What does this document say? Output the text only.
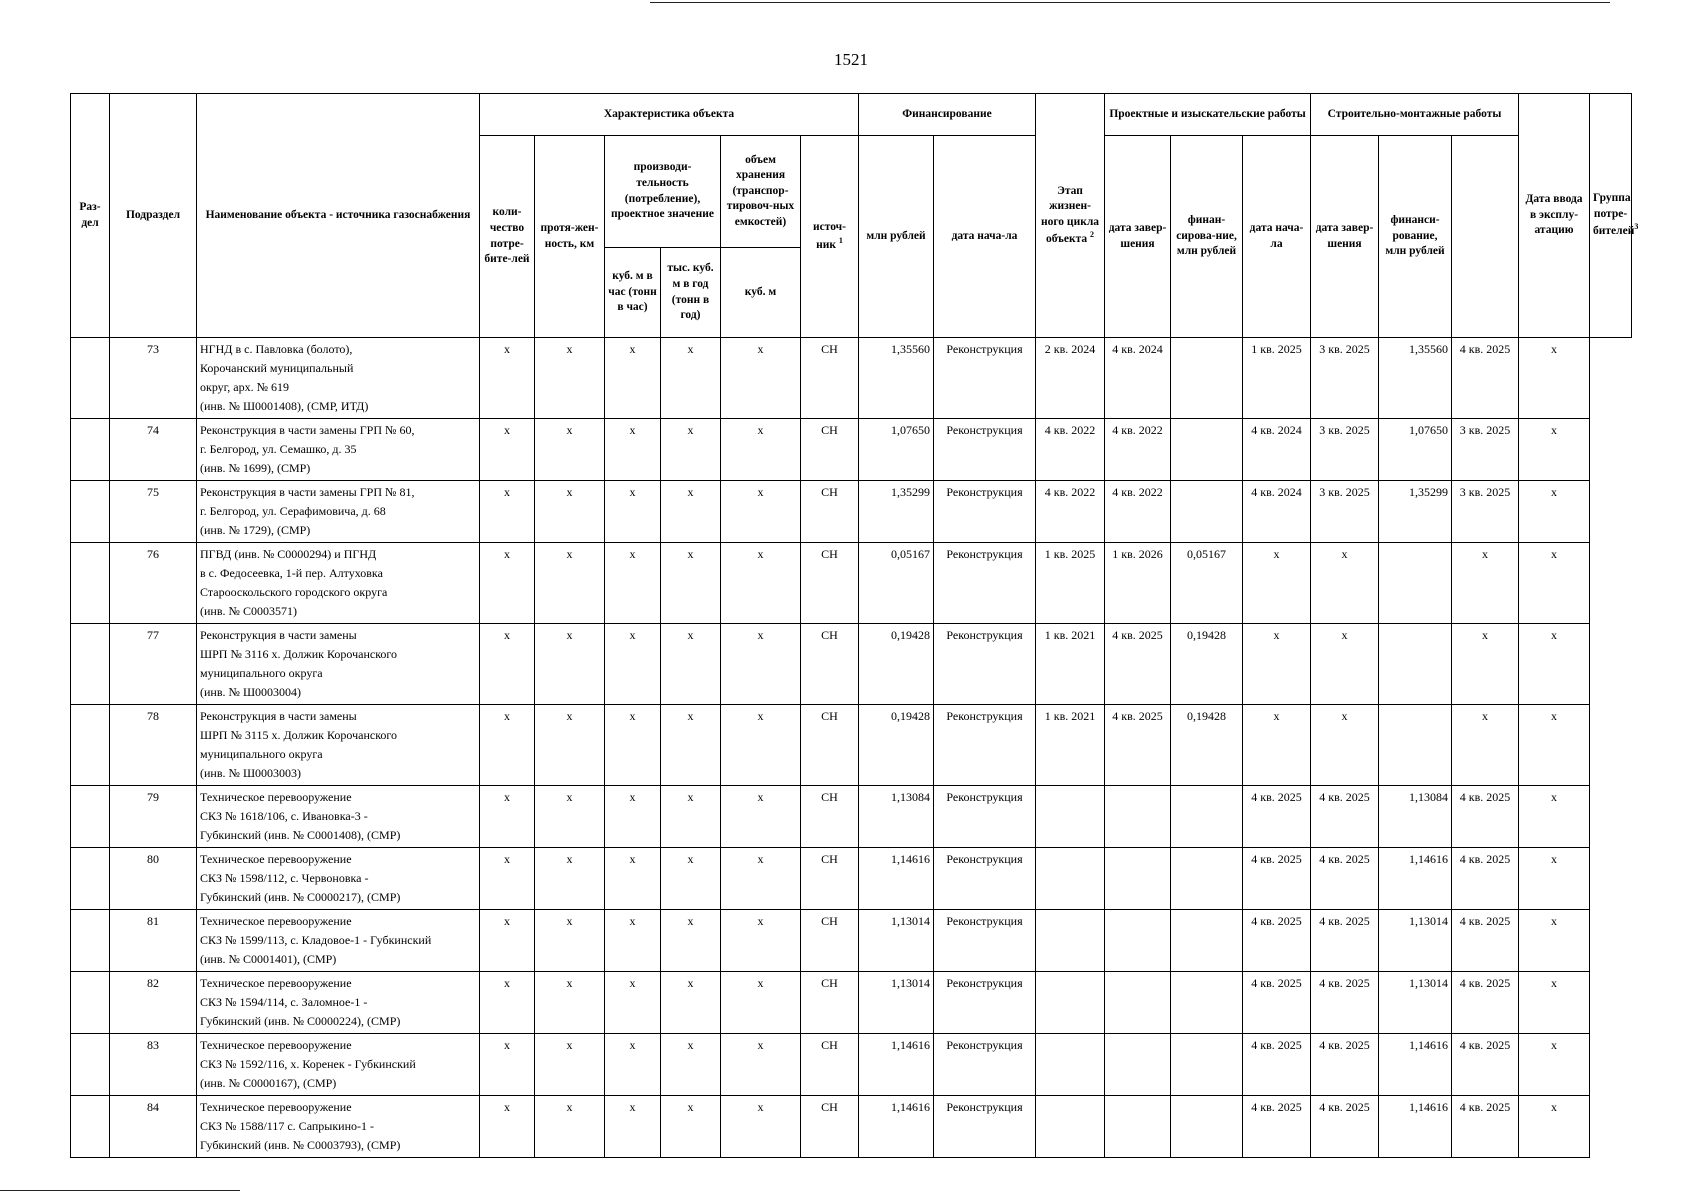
1521
Раз-дел	Подраздел	Наименование объекта - источника газоснабжения	Характеристика объекта						Финансирование		Этап жизнен-ного цикла объекта $^2$	Проектные и изыскательские работы			Строительно-монтажные работы			Дата ввода в эксплу-атацию	Группа потре-бителей$^3$
			коли-чество потре-бите-лей	протя-жен-ность, км	производи-тельность (потребление), проектное значение		объем хранения (транспор-тировоч-ных емкостей)	источ-ник $^1$	млн рублей	дата нача-ла		дата завер-шения	финан-сирова-ние, млн рублей	дата нача-ла	дата завер-шения	финанси-рование, млн рублей			
					куб. м в час (тонн в час)	тыс. куб. м в год (тонн в год)	куб. м												
	73	НГНД в с. Павловка (болото),
Корочанский муниципальный
округ, арх. № 619
(инв. № Ш0001408), (СМР, ИТД)	х	х	х	х	х	СН	1,35560	Реконструкция	2 кв. 2024	4 кв. 2024		1 кв. 2025	3 кв. 2025	1,35560	4 кв. 2025	х	
	74	Реконструкция в части замены ГРП № 60,
г. Белгород, ул. Семашко, д. 35
(инв. № 1699), (СМР)	х	х	х	х	х	СН	1,07650	Реконструкция	4 кв. 2022	4 кв. 2022		4 кв. 2024	3 кв. 2025	1,07650	3 кв. 2025	х	
	75	Реконструкция в части замены ГРП № 81,
г. Белгород, ул. Серафимовича, д. 68
(инв. № 1729), (СМР)	х	х	х	х	х	СН	1,35299	Реконструкция	4 кв. 2022	4 кв. 2022		4 кв. 2024	3 кв. 2025	1,35299	3 кв. 2025	х	
	76	ПГВД (инв. № С0000294) и ПГНД
в с. Федосеевка, 1-й пер. Алтуховка
Старооскольского городского округа
(инв. № С0003571)	х	х	х	х	х	СН	0,05167	Реконструкция	1 кв. 2025	1 кв. 2026	0,05167	х	х		х	х	
	77	Реконструкция в части замены
ШРП № 3116 х. Должик Корочанского
муниципального округа
(инв. № Ш0003004)	х	х	х	х	х	СН	0,19428	Реконструкция	1 кв. 2021	4 кв. 2025	0,19428	х	х		х	х	
	78	Реконструкция в части замены
ШРП № 3115 х. Должик Корочанского
муниципального округа
(инв. № Ш0003003)	х	х	х	х	х	СН	0,19428	Реконструкция	1 кв. 2021	4 кв. 2025	0,19428	х	х		х	х	
	79	Техническое перевооружение
СКЗ № 1618/106, с. Ивановка-3 -
Губкинский (инв. № С0001408), (СМР)	х	х	х	х	х	СН	1,13084	Реконструкция				4 кв. 2025	4 кв. 2025	1,13084	4 кв. 2025	х	
	80	Техническое перевооружение
СКЗ № 1598/112, с. Червоновка -
Губкинский (инв. № С0000217), (СМР)	х	х	х	х	х	СН	1,14616	Реконструкция				4 кв. 2025	4 кв. 2025	1,14616	4 кв. 2025	х	
	81	Техническое перевооружение
СКЗ № 1599/113, с. Кладовое-1 - Губкинский
(инв. № С0001401), (СМР)	х	х	х	х	х	СН	1,13014	Реконструкция				4 кв. 2025	4 кв. 2025	1,13014	4 кв. 2025	х	
	82	Техническое перевооружение
СКЗ № 1594/114, с. Заломное-1 -
Губкинский (инв. № С0000224), (СМР)	х	х	х	х	х	СН	1,13014	Реконструкция				4 кв. 2025	4 кв. 2025	1,13014	4 кв. 2025	х	
	83	Техническое перевооружение
СКЗ № 1592/116, х. Коренек - Губкинский
(инв. № С0000167), (СМР)	х	х	х	х	х	СН	1,14616	Реконструкция				4 кв. 2025	4 кв. 2025	1,14616	4 кв. 2025	х	
	84	Техническое перевооружение
СКЗ № 1588/117 с. Сапрыкино-1 -
Губкинский (инв. № С0003793), (СМР)	х	х	х	х	х	СН	1,14616	Реконструкция				4 кв. 2025	4 кв. 2025	1,14616	4 кв. 2025	х	
